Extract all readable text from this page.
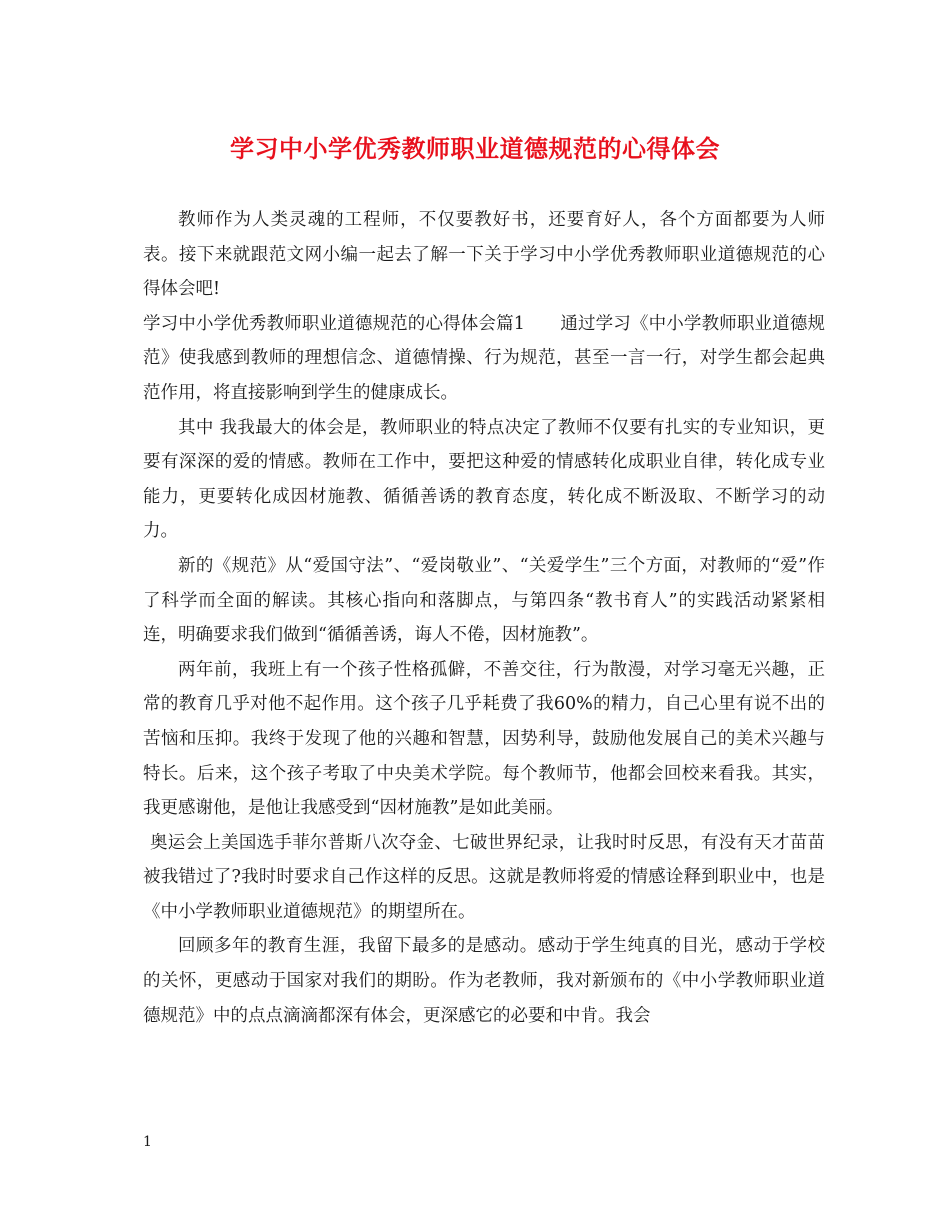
学习中小学优秀教师职业道德规范的心得体会

教师作为人类灵魂的工程师，不仅要教好书，还要育好人，各个方面都要为人师表。接下来就跟范文网小编一起去了解一下关于学习中小学优秀教师职业道德规范的心得体会吧!

学习中小学优秀教师职业道德规范的心得体会篇1　　通过学习《中小学教师职业道德规范》使我感到教师的理想信念、道德情操、行为规范，甚至一言一行，对学生都会起典范作用，将直接影响到学生的健康成长。

其中 我我最大的体会是，教师职业的特点决定了教师不仅要有扎实的专业知识，更要有深深的爱的情感。教师在工作中，要把这种爱的情感转化成职业自律，转化成专业能力，更要转化成因材施教、循循善诱的教育态度，转化成不断汲取、不断学习的动力。

新的《规范》从“爱国守法”、“爱岗敬业”、“关爱学生”三个方面，对教师的“爱”作了科学而全面的解读。其核心指向和落脚点，与第四条“教书育人”的实践活动紧紧相连，明确要求我们做到“循循善诱，诲人不倦，因材施教”。

两年前，我班上有一个孩子性格孤僻，不善交往，行为散漫，对学习毫无兴趣，正常的教育几乎对他不起作用。这个孩子几乎耗费了我60%的精力，自己心里有说不出的苦恼和压抑。我终于发现了他的兴趣和智慧，因势利导，鼓励他发展自己的美术兴趣与特长。后来，这个孩子考取了中央美术学院。每个教师节，他都会回校来看我。其实，我更感谢他，是他让我感受到“因材施教”是如此美丽。

奥运会上美国选手菲尔普斯八次夺金、七破世界纪录，让我时时反思，有没有天才苗苗被我错过了?我时时要求自己作这样的反思。这就是教师将爱的情感诠释到职业中，也是《中小学教师职业道德规范》的期望所在。

回顾多年的教育生涯，我留下最多的是感动。感动于学生纯真的目光，感动于学校的关怀，更感动于国家对我们的期盼。作为老教师，我对新颁布的《中小学教师职业道德规范》中的点点滴滴都深有体会，更深感它的必要和中肯。我会

1
